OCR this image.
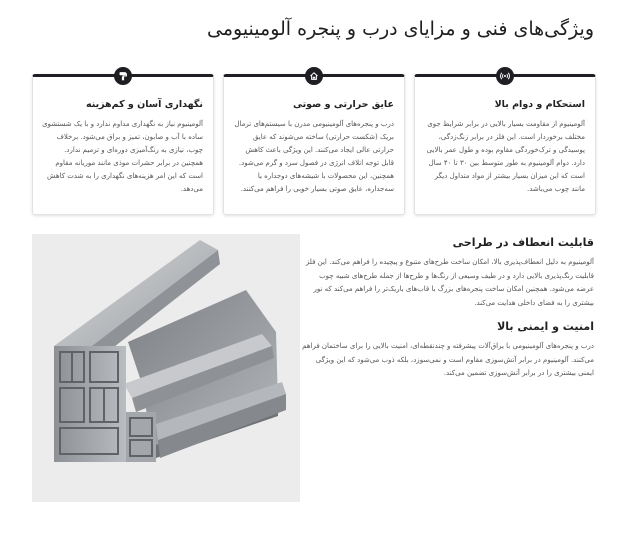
ویژگی‌های فنی و مزایای درب و پنجره آلومینیومی
استحکام و دوام بالا
آلومینیوم از مقاومت بسیار بالایی در برابر شرایط جوی مختلف برخوردار است. این فلز در برابر زنگ‌زدگی، پوسیدگی و ترک‌خوردگی مقاوم بوده و طول عمر بالایی دارد. دوام آلومینیوم به طور متوسط بین ۳۰ تا ۴۰ سال است که این میزان بسیار بیشتر از مواد متداول دیگر مانند چوب می‌باشد.
عایق حرارتی و صوتی
درب و پنجره‌های آلومینیومی مدرن با سیستم‌های ترمال بریک (شکست حرارتی) ساخته می‌شوند که عایق حرارتی عالی ایجاد می‌کنند. این ویژگی باعث کاهش قابل توجه اتلاف انرژی در فصول سرد و گرم می‌شود. همچنین، این محصولات با شیشه‌های دوجداره یا سه‌جداره، عایق صوتی بسیار خوبی را فراهم می‌کنند.
نگهداری آسان و کم‌هزینه
آلومینیوم نیاز به نگهداری مداوم ندارد و با یک شستشوی ساده با آب و صابون، تمیز و براق می‌شود. برخلاف چوب، نیازی به رنگ‌آمیزی دوره‌ای و ترمیم ندارد. همچنین در برابر حشرات موذی مانند موریانه مقاوم است که این امر هزینه‌های نگهداری را به شدت کاهش می‌دهد.
قابلیت انعطاف در طراحی
آلومینیوم به دلیل انعطاف‌پذیری بالا، امکان ساخت طرح‌های متنوع و پیچیده را فراهم می‌کند. این فلز قابلیت رنگ‌پذیری بالایی دارد و در طیف وسیعی از رنگ‌ها و طرح‌ها از جمله طرح‌های شبیه چوب عرضه می‌شود. همچنین امکان ساخت پنجره‌های بزرگ با قاب‌های باریک‌تر را فراهم می‌کند که نور بیشتری را به فضای داخلی هدایت می‌کند.
امنیت و ایمنی بالا
درب و پنجره‌های آلومینیومی با یراق‌آلات پیشرفته و چندنقطه‌ای، امنیت بالایی را برای ساختمان فراهم می‌کنند. آلومینیوم در برابر آتش‌سوزی مقاوم است و نمی‌سوزد، بلکه ذوب می‌شود که این ویژگی ایمنی بیشتری را در برابر آتش‌سوزی تضمین می‌کند.
